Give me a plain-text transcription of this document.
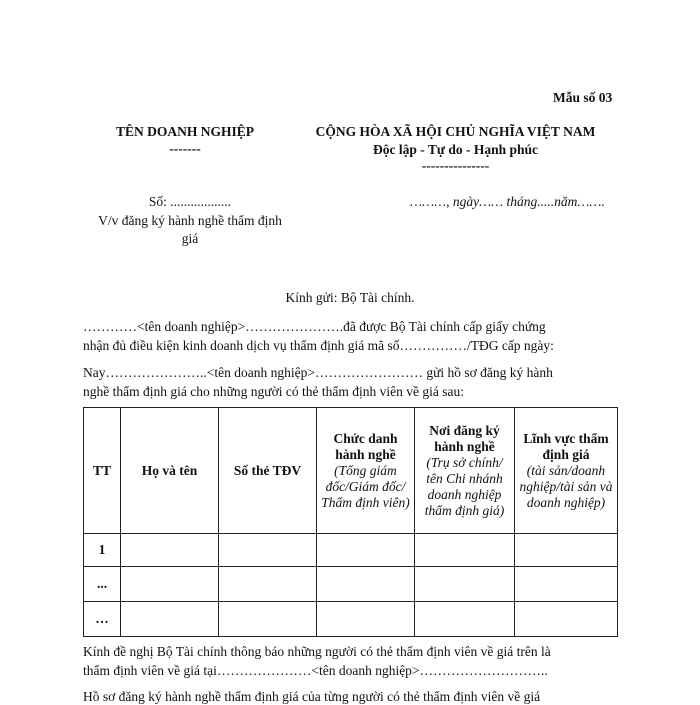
Mẫu số 03
TÊN DOANH NGHIỆP
-------
Số: ..................
V/v đăng ký hành nghề thẩm định
giá
CỘNG HÒA XÃ HỘI CHỦ NGHĨA VIỆT NAM
Độc lập - Tự do - Hạnh phúc
---------------
………, ngày…… tháng.....năm…….
Kính gửi: Bộ Tài chính.
…………<tên doanh nghiệp>………………….đã được Bộ Tài chính cấp giấy chứng
nhận đủ điều kiện kinh doanh dịch vụ thẩm định giá mã số……………/TĐG cấp ngày:
Nay…………………..<tên doanh nghiệp>…………………… gửi hồ sơ đăng ký hành
nghề thẩm định giá cho những người có thẻ thẩm định viên về giá sau:
TT	Họ và tên	Số thẻ TĐV	Chức danh hành nghề
(Tổng giám đốc/Giám đốc/ Thẩm định viên)	Nơi đăng ký hành nghề
(Trụ sở chính/ tên Chi nhánh doanh nghiệp thẩm định giá)	Lĩnh vực thẩm định giá
(tài sản/doanh nghiệp/tài sản và doanh nghiệp)

1					
...					
…					
Kính đề nghị Bộ Tài chính thông báo những người có thẻ thẩm định viên về giá trên là
thẩm định viên về giá tại…………………<tên doanh nghiệp>………………………..
Hồ sơ đăng ký hành nghề thẩm định giá của từng người có thẻ thẩm định viên về giá
